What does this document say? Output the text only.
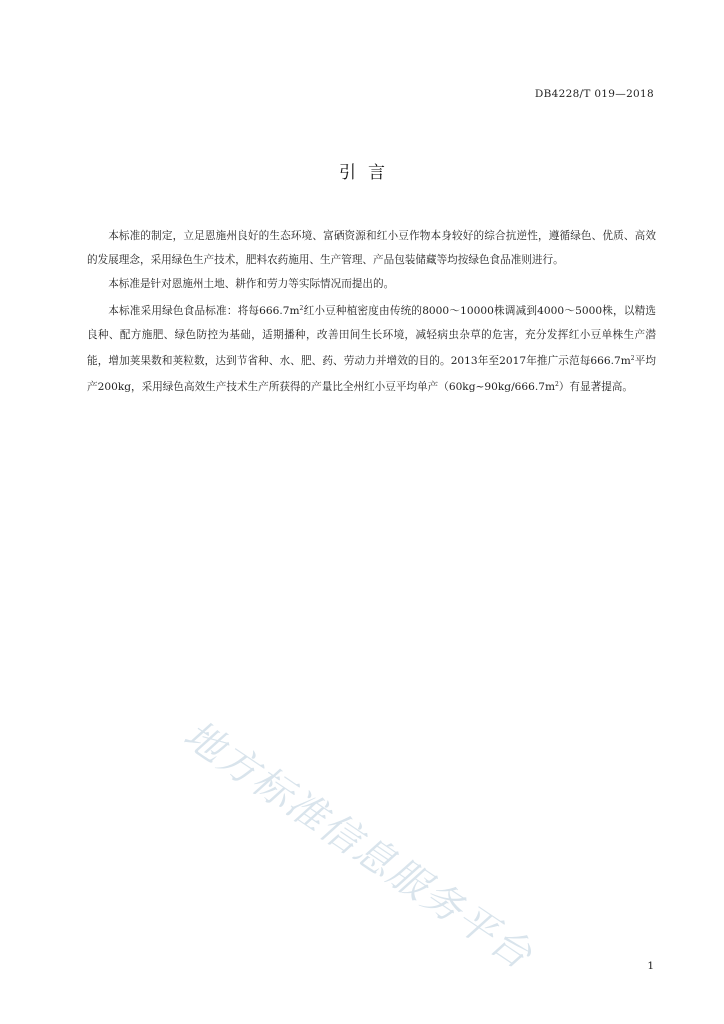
DB4228/T 019—2018
引言

本标准的制定，立足恩施州良好的生态环境、富硒资源和红小豆作物本身较好的综合抗逆性，遵循绿色、优质、高效的发展理念，采用绿色生产技术，肥料农药施用、生产管理、产品包装储藏等均按绿色食品准则进行。

本标准是针对恩施州土地、耕作和劳力等实际情况而提出的。

本标准采用绿色食品标准：将每$666.7m^2$红小豆种植密度由传统的8000～10000株调减到4000～5000株，以精选良种、配方施肥、绿色防控为基础，适期播种，改善田间生长环境，减轻病虫杂草的危害，充分发挥红小豆单株生产潜能，增加荚果数和荚粒数，达到节省种、水、肥、药、劳动力并增效的目的。2013年至2017年推广示范每$666.7m^2$平均产200kg，采用绿色高效生产技术生产所获得的产量比全州红小豆平均单产$(60kg\sim 90kg/666.7m^2)$有显著提高。

地方标准信息服务平台	1
